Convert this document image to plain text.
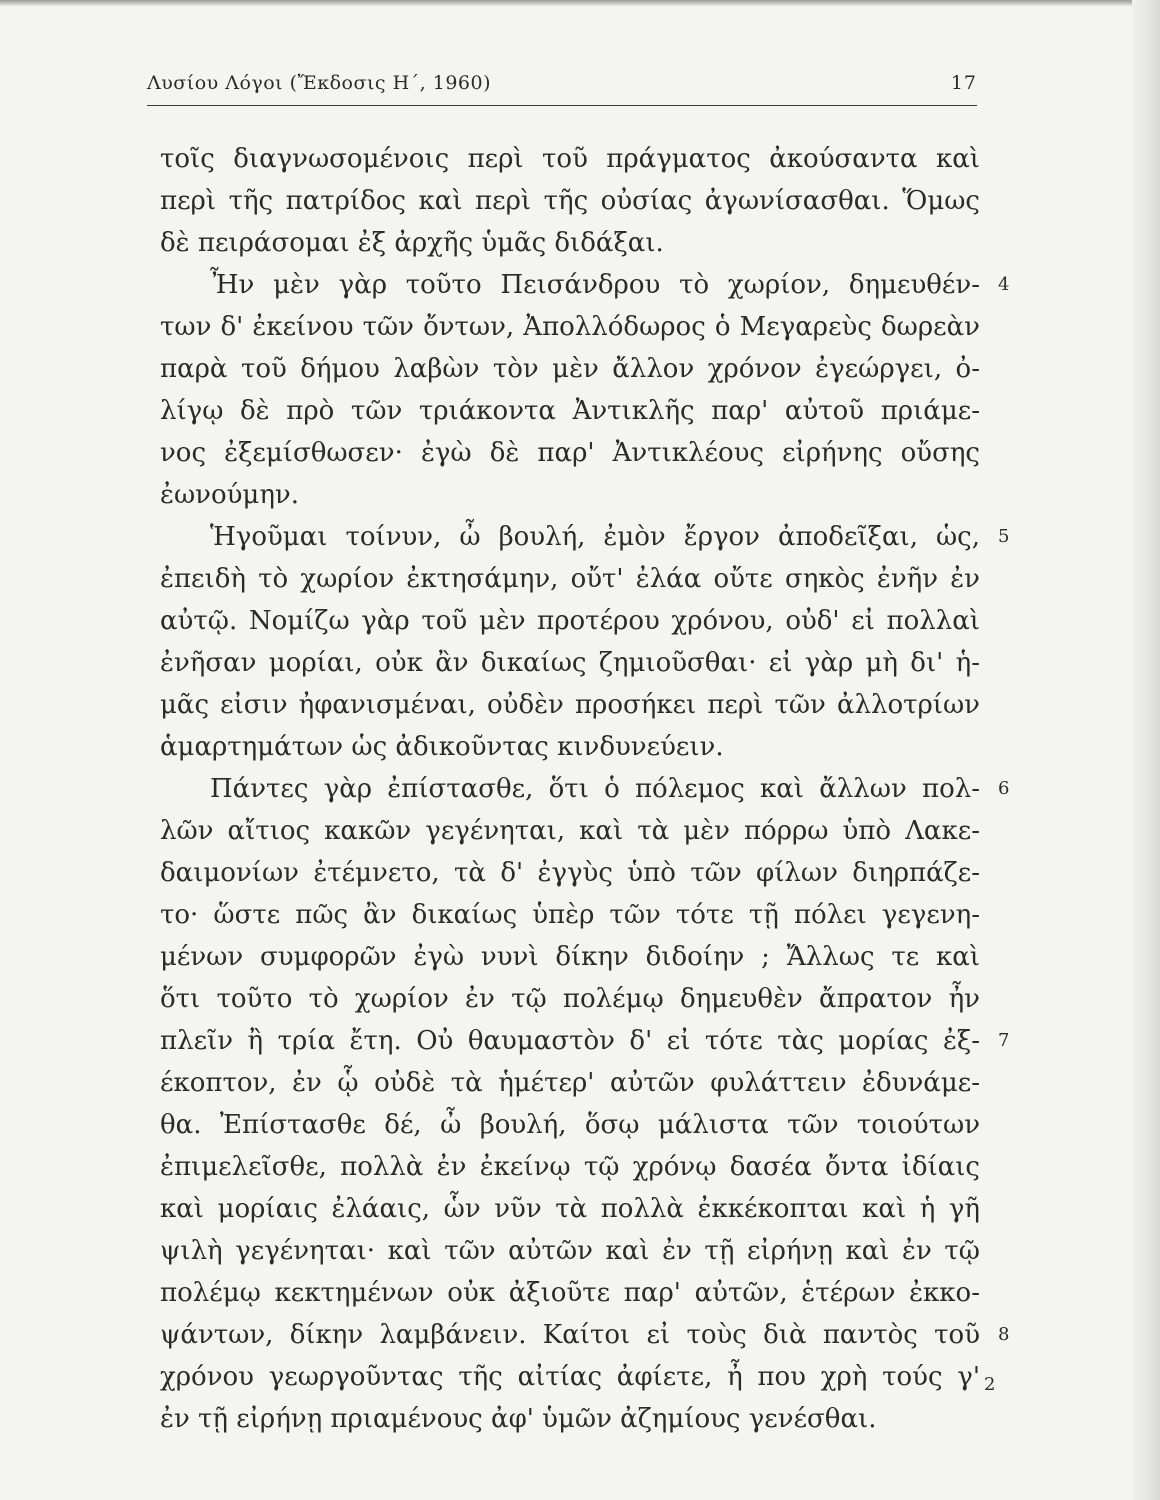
Λυσίου Λόγοι (Ἔκδοσις Η΄, 1960)	17
τοῖς διαγνωσομένοις περὶ τοῦ πράγματος ἀκούσαντα καὶ
περὶ τῆς πατρίδος καὶ περὶ τῆς οὐσίας ἀγωνίσασθαι. Ὅμως
δὲ πειράσομαι ἐξ ἀρχῆς ὑμᾶς διδάξαι.
Ἦν μὲν γὰρ τοῦτο Πεισάνδρου τὸ χωρίον, δημευθέν-
των δ' ἐκείνου τῶν ὄντων, Ἀπολλόδωρος ὁ Μεγαρεὺς δωρεὰν
παρὰ τοῦ δήμου λαβὼν τὸν μὲν ἄλλον χρόνον ἐγεώργει, ὀ-
λίγῳ δὲ πρὸ τῶν τριάκοντα Ἀντικλῆς παρ' αὐτοῦ πριάμε-
νος ἐξεμίσθωσεν· ἐγὼ δὲ παρ' Ἀντικλέους εἰρήνης οὔσης
ἐωνούμην.
Ἡγοῦμαι τοίνυν, ὦ βουλή, ἐμὸν ἔργον ἀποδεῖξαι, ὡς,
ἐπειδὴ τὸ χωρίον ἐκτησάμην, οὔτ' ἐλάα οὔτε σηκὸς ἐνῆν ἐν
αὐτῷ. Νομίζω γὰρ τοῦ μὲν προτέρου χρόνου, οὐδ' εἰ πολλαὶ
ἐνῆσαν μορίαι, οὐκ ἂν δικαίως ζημιοῦσθαι· εἰ γὰρ μὴ δι' ἡ-
μᾶς εἰσιν ἠφανισμέναι, οὐδὲν προσήκει περὶ τῶν ἀλλοτρίων
ἁμαρτημάτων ὡς ἀδικοῦντας κινδυνεύειν.
Πάντες γὰρ ἐπίστασθε, ὅτι ὁ πόλεμος καὶ ἄλλων πολ-
λῶν αἴτιος κακῶν γεγένηται, καὶ τὰ μὲν πόρρω ὑπὸ Λακε-
δαιμονίων ἐτέμνετο, τὰ δ' ἐγγὺς ὑπὸ τῶν φίλων διηρπάζε-
το· ὥστε πῶς ἂν δικαίως ὑπὲρ τῶν τότε τῇ πόλει γεγενη-
μένων συμφορῶν ἐγὼ νυνὶ δίκην διδοίην ; Ἄλλως τε καὶ
ὅτι τοῦτο τὸ χωρίον ἐν τῷ πολέμῳ δημευθὲν ἄπρατον ἦν
πλεῖν ἢ τρία ἔτη. Οὐ θαυμαστὸν δ' εἰ τότε τὰς μορίας ἐξ-
έκοπτον, ἐν ᾧ οὐδὲ τὰ ἡμέτερ' αὐτῶν φυλάττειν ἐδυνάμε-
θα. Ἐπίστασθε δέ, ὦ βουλή, ὅσῳ μάλιστα τῶν τοιούτων
ἐπιμελεῖσθε, πολλὰ ἐν ἐκείνῳ τῷ χρόνῳ δασέα ὄντα ἰδίαις
καὶ μορίαις ἐλάαις, ὧν νῦν τὰ πολλὰ ἐκκέκοπται καὶ ἡ γῆ
ψιλὴ γεγένηται· καὶ τῶν αὐτῶν καὶ ἐν τῇ εἰρήνῃ καὶ ἐν τῷ
πολέμῳ κεκτημένων οὐκ ἀξιοῦτε παρ' αὐτῶν, ἑτέρων ἐκκο-
ψάντων, δίκην λαμβάνειν. Καίτοι εἰ τοὺς διὰ παντὸς τοῦ
χρόνου γεωργοῦντας τῆς αἰτίας ἀφίετε, ἦ που χρὴ τούς γ'
ἐν τῇ εἰρήνῃ πριαμένους ἀφ' ὑμῶν ἀζημίους γενέσθαι.
4
5
6
7
8
2
